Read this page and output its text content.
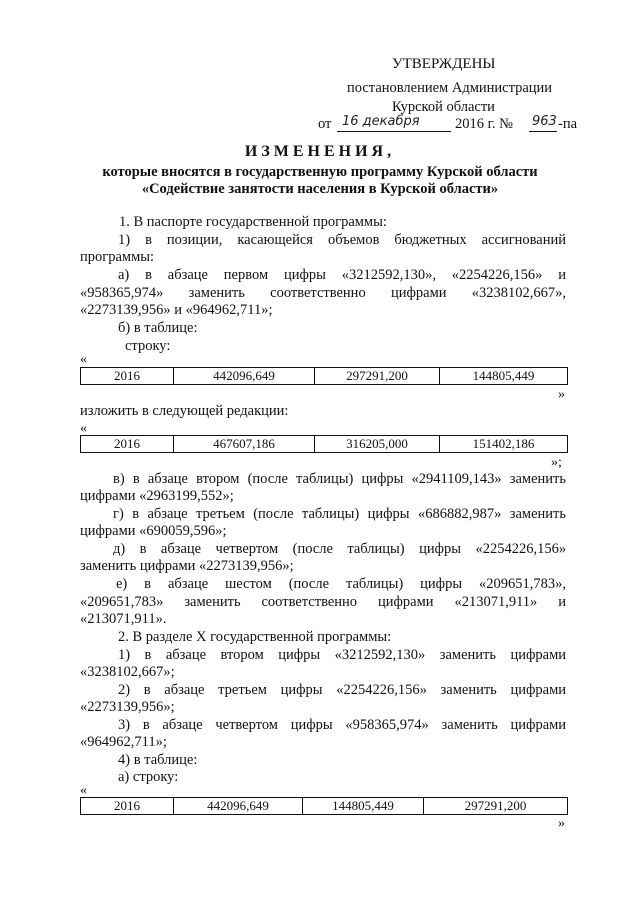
УТВЕРЖДЕНЫ
постановлением Администрации
Курской области
от 16 декабря 2016 г. № 963 -па
ИЗМЕНЕНИЯ,
которые вносятся в государственную программу Курской области
«Содействие занятости населения в Курской области»
1. В паспорте государственной программы:
1) в позиции, касающейся объемов бюджетных ассигнований
программы:
а) в абзаце первом цифры «3212592,130», «2254226,156» и
«958365,974» заменить соответственно цифрами «3238102,667»,
«2273139,956» и «964962,711»;
б) в таблице:
строку:
«
2016	442096,649	297291,200	144805,449
»
изложить в следующей редакции:
«
2016	467607,186	316205,000	151402,186
»;
в) в абзаце втором (после таблицы) цифры «2941109,143» заменить
цифрами «2963199,552»;
г) в абзаце третьем (после таблицы) цифры «686882,987» заменить
цифрами «690059,596»;
д) в абзаце четвертом (после таблицы) цифры «2254226,156»
заменить цифрами «2273139,956»;
е) в абзаце шестом (после таблицы) цифры «209651,783»,
«209651,783» заменить соответственно цифрами «213071,911» и
«213071,911».
2. В разделе X государственной программы:
1) в абзаце втором цифры «3212592,130» заменить цифрами
«3238102,667»;
2) в абзаце третьем цифры «2254226,156» заменить цифрами
«2273139,956»;
3) в абзаце четвертом цифры «958365,974» заменить цифрами
«964962,711»;
4) в таблице:
а) строку:
«
2016	442096,649	144805,449	297291,200
»
